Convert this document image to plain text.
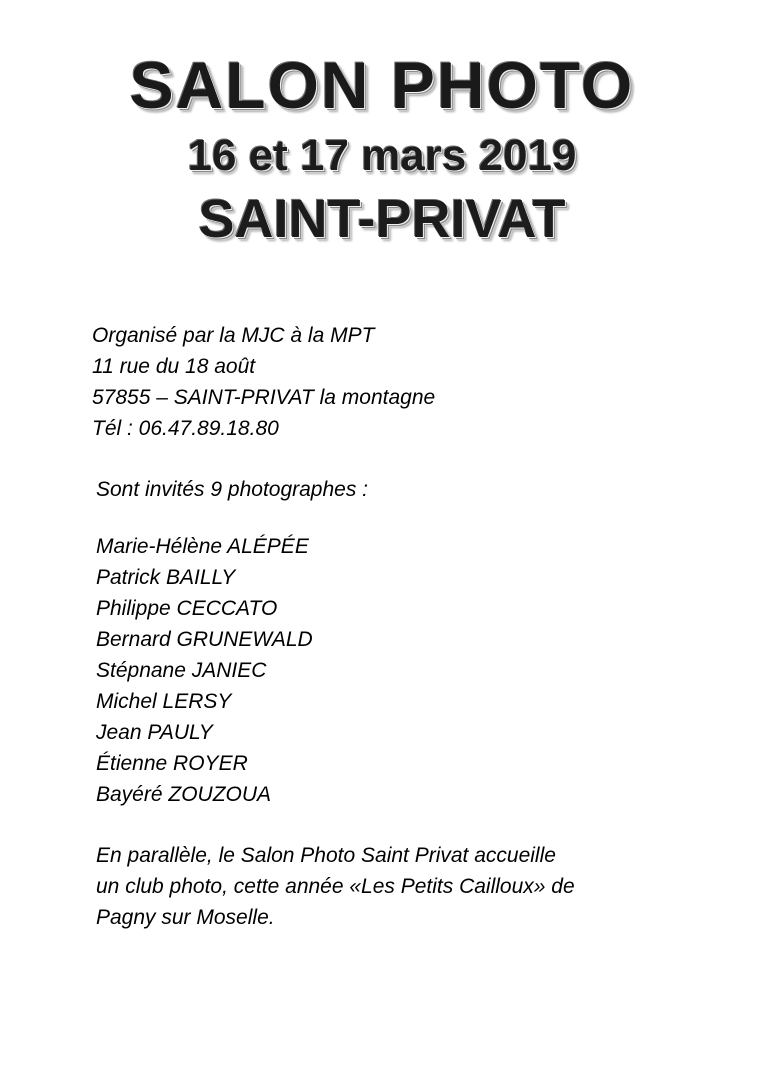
SALON PHOTO
16 et 17 mars 2019
SAINT-PRIVAT
Organisé par la MJC à la MPT
11 rue du 18 août
57855 – SAINT-PRIVAT la montagne
Tél : 06.47.89.18.80
Sont invités 9 photographes :
Marie-Hélène ALÉPÉE
Patrick BAILLY
Philippe CECCATO
Bernard GRUNEWALD
Stépnane JANIEC
Michel LERSY
Jean PAULY
Étienne ROYER
Bayéré ZOUZOUA

En parallèle, le Salon Photo Saint Privat accueille

un club photo, cette année «Les Petits Cailloux» de

Pagny sur Moselle.
